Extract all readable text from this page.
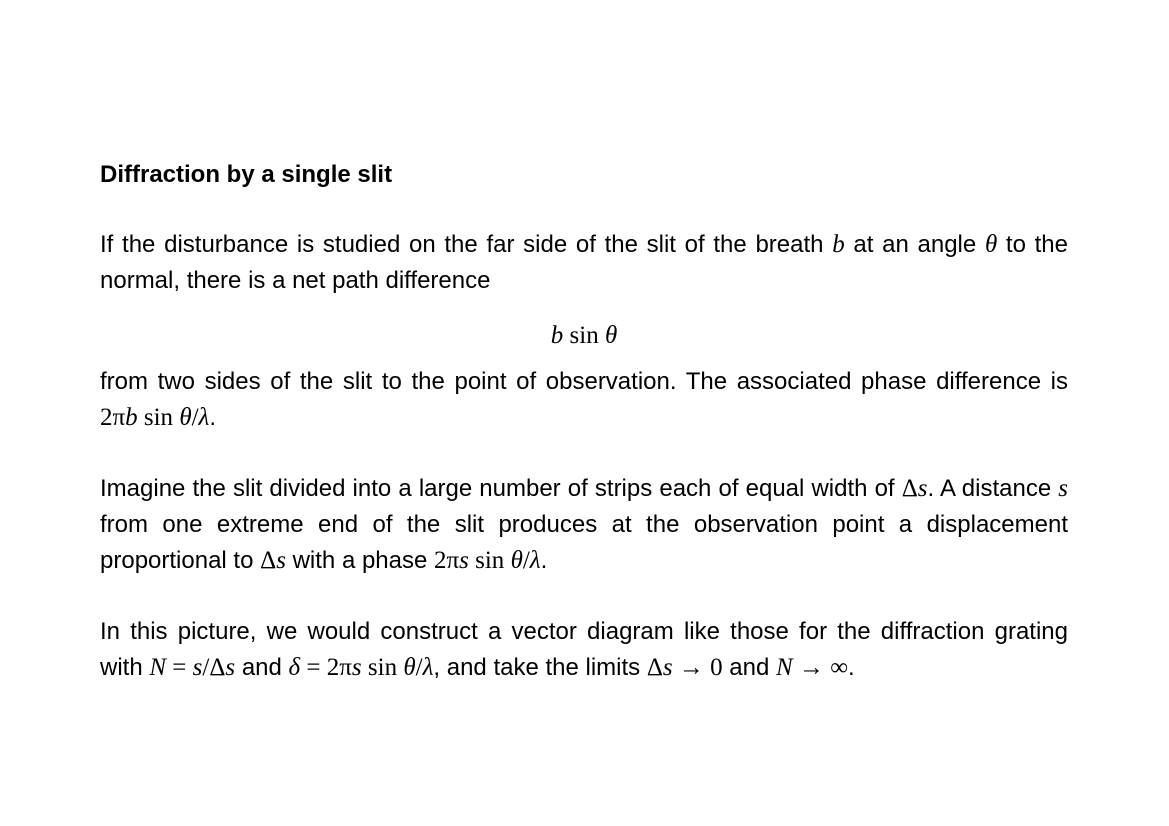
Diffraction by a single slit

If the disturbance is studied on the far side of the slit of the breath b at an angle θ to the normal, there is a net path difference

b sin θ

from two sides of the slit to the point of observation. The associated phase difference is 2πb sin θ/λ.

Imagine the slit divided into a large number of strips each of equal width of Δs. A distance s from one extreme end of the slit produces at the observation point a displacement proportional to Δs with a phase 2πs sin θ/λ.

In this picture, we would construct a vector diagram like those for the diffraction grating with N = s/Δs and δ = 2πs sin θ/λ, and take the limits Δs → 0 and N → ∞.
